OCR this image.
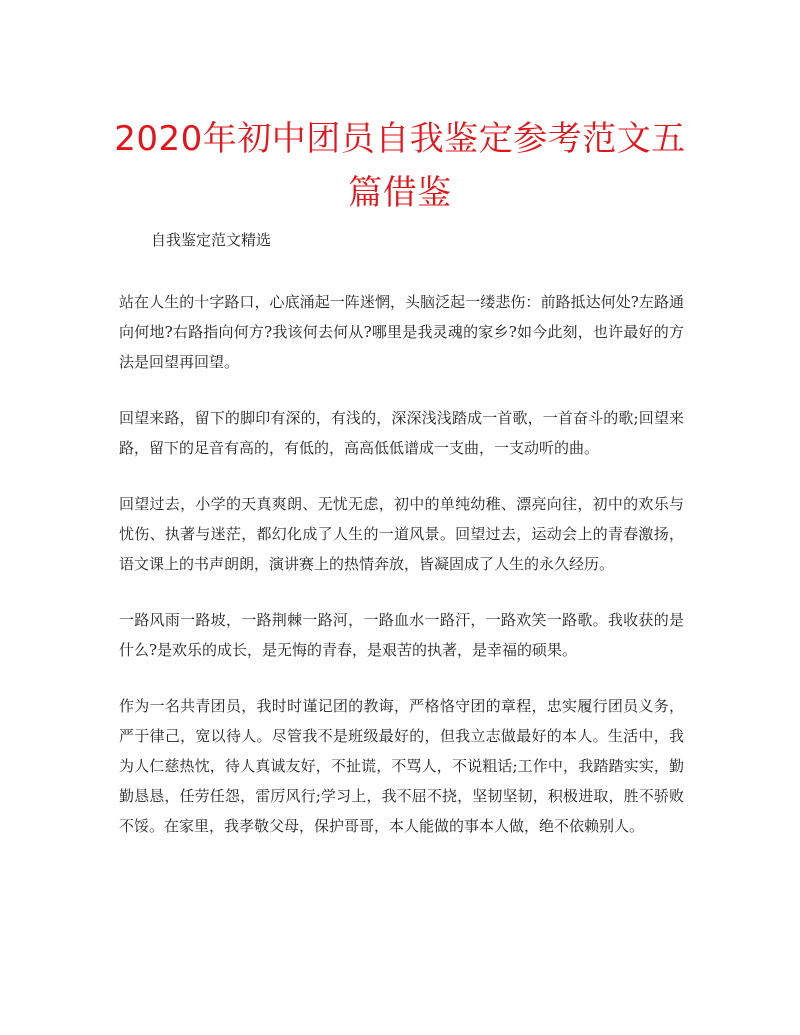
2020年初中团员自我鉴定参考范文五篇借鉴

自我鉴定范文精选

站在人生的十字路口，心底涌起一阵迷惘，头脑泛起一缕悲伤：前路抵达何处?左路通向何地?右路指向何方?我该何去何从?哪里是我灵魂的家乡?如今此刻，也许最好的方法是回望再回望。

回望来路，留下的脚印有深的，有浅的，深深浅浅踏成一首歌，一首奋斗的歌;回望来路，留下的足音有高的，有低的，高高低低谱成一支曲，一支动听的曲。

回望过去，小学的天真爽朗、无忧无虑，初中的单纯幼稚、漂亮向往，初中的欢乐与忧伤、执著与迷茫，都幻化成了人生的一道风景。回望过去，运动会上的青春激扬，语文课上的书声朗朗，演讲赛上的热情奔放，皆凝固成了人生的永久经历。

一路风雨一路坡，一路荆棘一路河，一路血水一路汗，一路欢笑一路歌。我收获的是什么?是欢乐的成长，是无悔的青春，是艰苦的执著，是幸福的硕果。

作为一名共青团员，我时时谨记团的教诲，严格恪守团的章程，忠实履行团员义务，严于律己，宽以待人。尽管我不是班级最好的，但我立志做最好的本人。生活中，我为人仁慈热忱，待人真诚友好，不扯谎，不骂人，不说粗话;工作中，我踏踏实实，勤勤恳恳，任劳任怨，雷厉风行;学习上，我不屈不挠，坚韧坚韧，积极进取，胜不骄败不馁。在家里，我孝敬父母，保护哥哥，本人能做的事本人做，绝不依赖别人。
